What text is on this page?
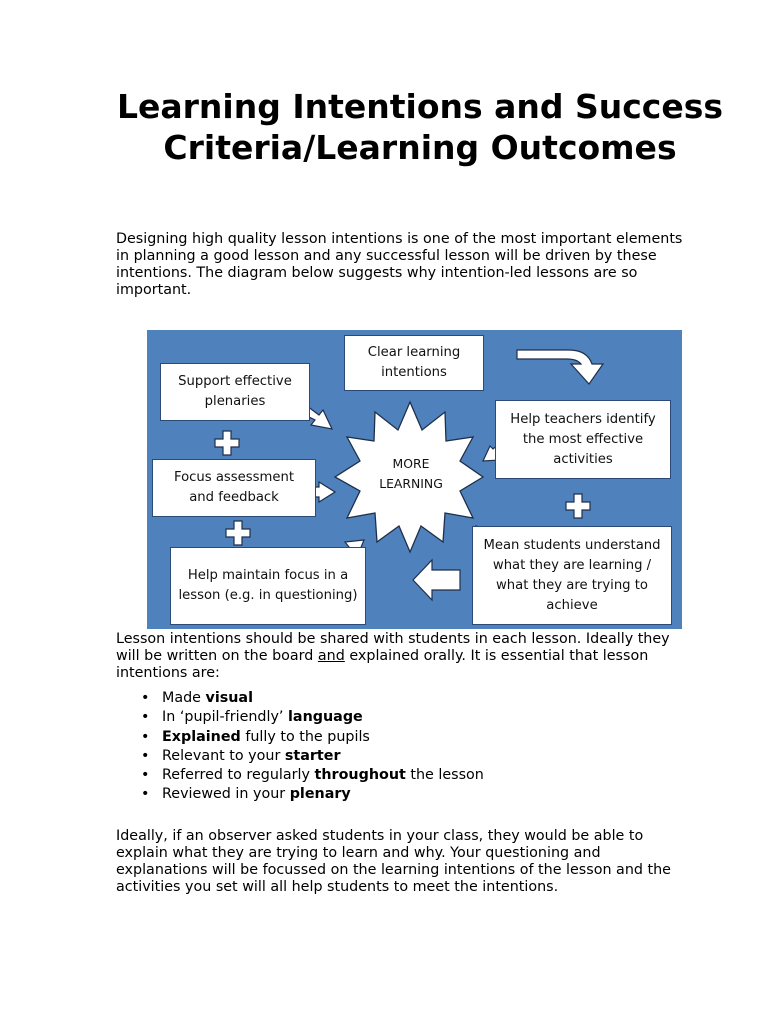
Learning Intentions and Success Criteria/Learning Outcomes

Designing high quality lesson intentions is one of the most important elements in planning a good lesson and any successful lesson will be driven by these intentions. The diagram below suggests why intention-led lessons are so important.

MORE
LEARNING
Clear learning intentions
Support effective plenaries
Help teachers identify the most effective activities
Focus assessment and feedback
Help maintain focus in a lesson (e.g. in questioning)
Mean students understand what they are learning / what they are trying to achieve

Lesson intentions should be shared with students in each lesson. Ideally they will be written on the board and explained orally. It is essential that lesson intentions are:

• Made visual
• In ‘pupil-friendly’ language
• Explained fully to the pupils
• Relevant to your starter
• Referred to regularly throughout the lesson
• Reviewed in your plenary

Ideally, if an observer asked students in your class, they would be able to explain what they are trying to learn and why. Your questioning and explanations will be focussed on the learning intentions of the lesson and the activities you set will all help students to meet the intentions.
